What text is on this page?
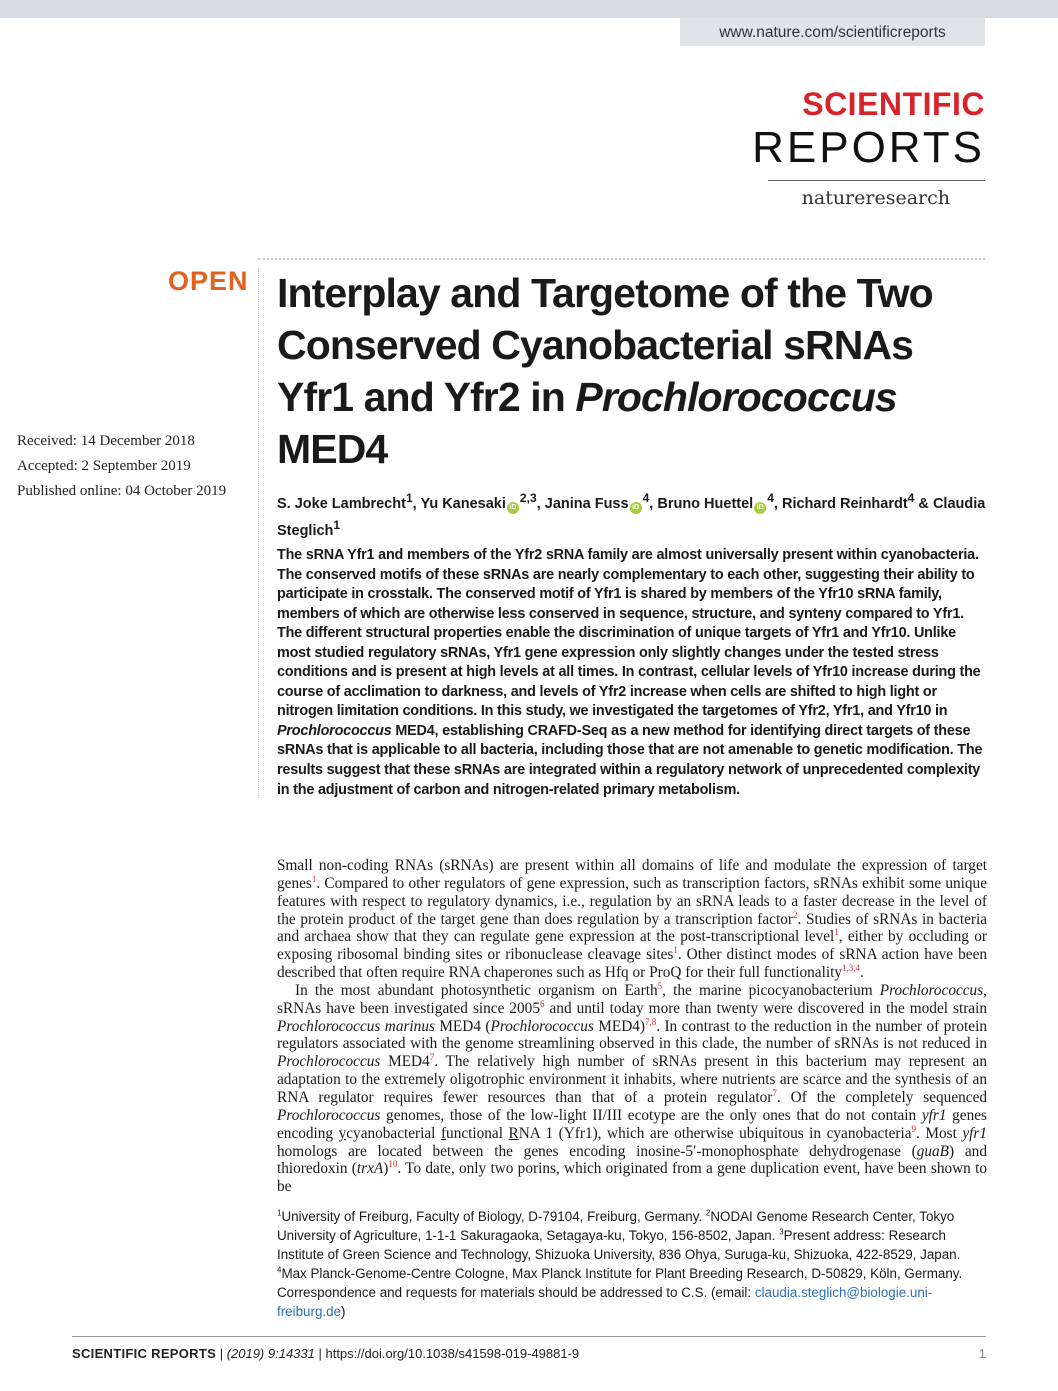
www.nature.com/scientificreports
SCIENTIFIC
REPORTS
natureresearch
OPEN
Received: 14 December 2018
Accepted: 2 September 2019
Published online: 04 October 2019
Interplay and Targetome of the Two Conserved Cyanobacterial sRNAs Yfr1 and Yfr2 in Prochlorococcus MED4
S. Joke Lambrecht$^1$, Yu Kanesaki iD$^{2,3}$, Janina Fuss $iD^4$, Bruno Huettel $iD^4$, Richard Reinhardt$^4$ & Claudia Steglich$^1$
The sRNA Yfr1 and members of the Yfr2 sRNA family are almost universally present within cyanobacteria. The conserved motifs of these sRNAs are nearly complementary to each other, suggesting their ability to participate in crosstalk. The conserved motif of Yfr1 is shared by members of the Yfr10 sRNA family, members of which are otherwise less conserved in sequence, structure, and synteny compared to Yfr1. The different structural properties enable the discrimination of unique targets of Yfr1 and Yfr10. Unlike most studied regulatory sRNAs, Yfr1 gene expression only slightly changes under the tested stress conditions and is present at high levels at all times. In contrast, cellular levels of Yfr10 increase during the course of acclimation to darkness, and levels of Yfr2 increase when cells are shifted to high light or nitrogen limitation conditions. In this study, we investigated the targetomes of Yfr2, Yfr1, and Yfr10 in Prochlorococcus MED4, establishing CRAFD-Seq as a new method for identifying direct targets of these sRNAs that is applicable to all bacteria, including those that are not amenable to genetic modification. The results suggest that these sRNAs are integrated within a regulatory network of unprecedented complexity in the adjustment of carbon and nitrogen-related primary metabolism.

Small non-coding RNAs (sRNAs) are present within all domains of life and modulate the expression of target genes$^1$. Compared to other regulators of gene expression, such as transcription factors, sRNAs exhibit some unique features with respect to regulatory dynamics, i.e., regulation by an sRNA leads to a faster decrease in the level of the protein product of the target gene than does regulation by a transcription factor$^2$. Studies of sRNAs in bacteria and archaea show that they can regulate gene expression at the post-transcriptional level$^1$, either by occluding or exposing ribosomal binding sites or ribonuclease cleavage sites$^1$. Other distinct modes of sRNA action have been described that often require RNA chaperones such as Hfq or ProQ for their full functionality$^{1,3,4}$.

In the most abundant photosynthetic organism on Earth$^5$, the marine picocyanobacterium Prochlorococcus, sRNAs have been investigated since 2005$^6$ and until today more than twenty were discovered in the model strain Prochlorococcus marinus MED4 (Prochlorococcus MED4)$^{7,8}$. In contrast to the reduction in the number of protein regulators associated with the genome streamlining observed in this clade, the number of sRNAs is not reduced in Prochlorococcus $MED4^7$. The relatively high number of sRNAs present in this bacterium may represent an adaptation to the extremely oligotrophic environment it inhabits, where nutrients are scarce and the synthesis of an RNA regulator requires fewer resources than that of a protein regulator$^7$. Of the completely sequenced Prochlorococcus genomes, those of the low-light II/III ecotype are the only ones that do not contain yfr1 genes encoding ycyanobacterial functional RNA 1 (Yfr1), which are otherwise ubiquitous in cyanobacteria$^9$. Most yfr1 homologs are located between the genes encoding inosine-5′-monophosphate dehydrogenase (guaB) and thioredoxin (trxA)$^{10}$. To date, only two porins, which originated from a gene duplication event, have been shown to be

$^1$University of Freiburg, Faculty of Biology, D-79104, Freiburg, Germany. $^2$NODAI Genome Research Center, Tokyo University of Agriculture, 1-1-1 Sakuragaoka, Setagaya-ku, Tokyo, 156-8502, Japan. $^3$Present address: Research Institute of Green Science and Technology, Shizuoka University, 836 Ohya, Suruga-ku, Shizuoka, 422-8529, Japan. $^4$Max Planck-Genome-Centre Cologne, Max Planck Institute for Plant Breeding Research, D-50829, Köln, Germany. Correspondence and requests for materials should be addressed to C.S. (email: claudia.steglich@biologie.uni-freiburg.de)
SCIENTIFIC REPORTS | (2019) 9:14331 | https://doi.org/10.1038/s41598-019-49881-9	1
